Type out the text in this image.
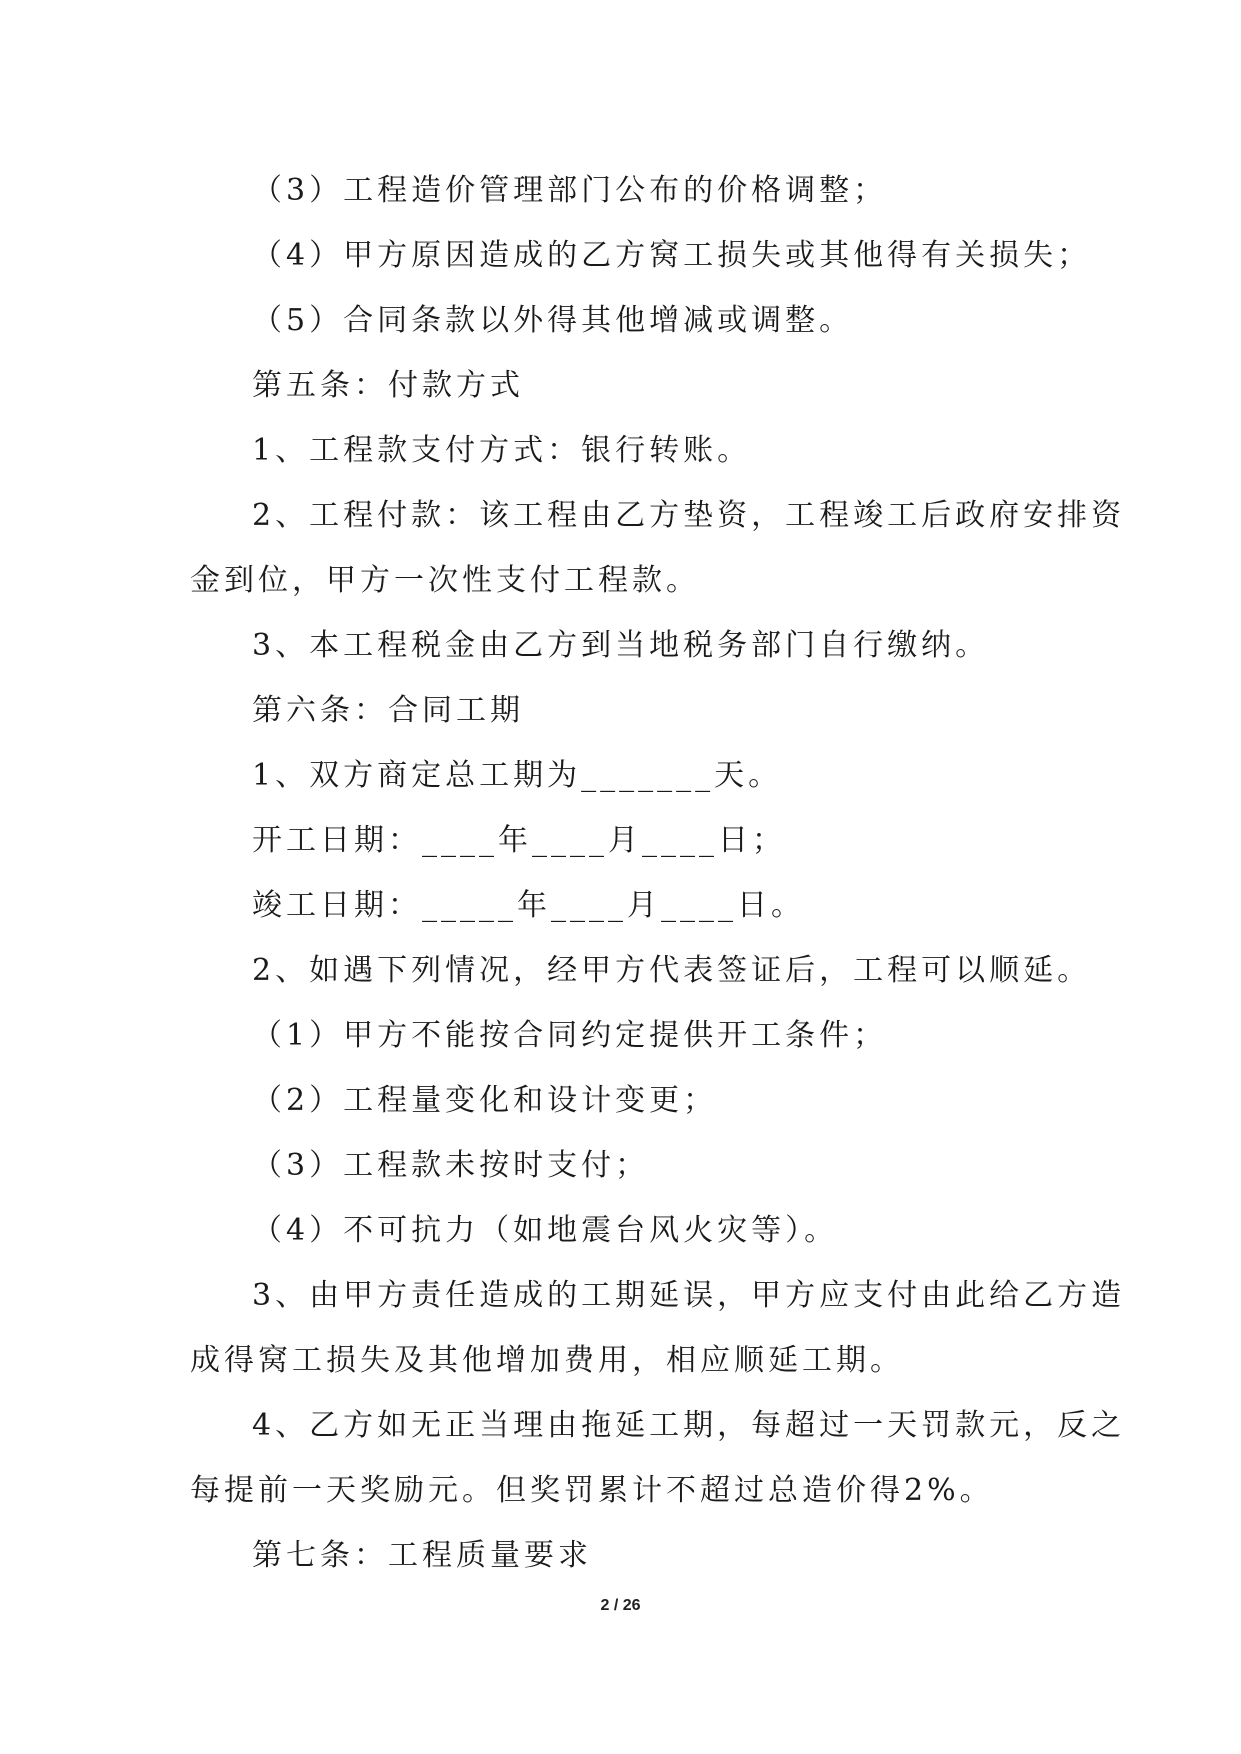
（3）工程造价管理部门公布的价格调整；
（4）甲方原因造成的乙方窝工损失或其他得有关损失；
（5）合同条款以外得其他增减或调整。
第五条：付款方式
1、工程款支付方式：银行转账。
2、工程付款：该工程由乙方垫资，工程竣工后政府安排资
金到位，甲方一次性支付工程款。
3、本工程税金由乙方到当地税务部门自行缴纳。
第六条：合同工期
1、双方商定总工期为_______天。
开工日期：____年____月____日；
竣工日期：_____年____月____日。
2、如遇下列情况，经甲方代表签证后，工程可以顺延。
（1）甲方不能按合同约定提供开工条件；
（2）工程量变化和设计变更；
（3）工程款未按时支付；
（4）不可抗力（如地震台风火灾等）。
3、由甲方责任造成的工期延误，甲方应支付由此给乙方造
成得窝工损失及其他增加费用，相应顺延工期。
4、乙方如无正当理由拖延工期，每超过一天罚款元，反之
每提前一天奖励元。但奖罚累计不超过总造价得2%。
第七条：工程质量要求
2 / 26
